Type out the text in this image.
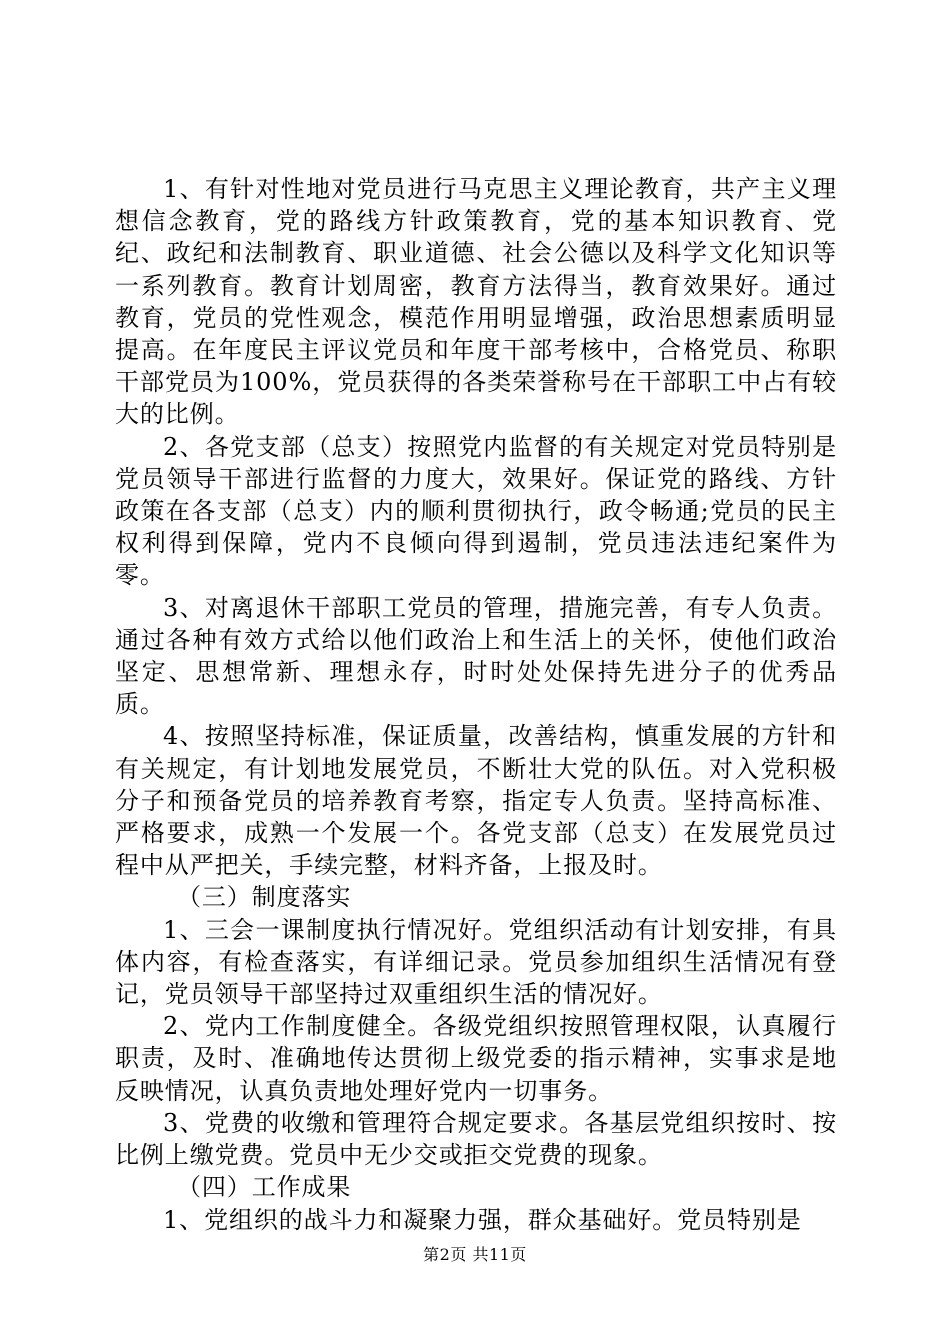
1、有针对性地对党员进行马克思主义理论教育，共产主义理想信念教育，党的路线方针政策教育，党的基本知识教育、党纪、政纪和法制教育、职业道德、社会公德以及科学文化知识等一系列教育。教育计划周密，教育方法得当，教育效果好。通过教育，党员的党性观念，模范作用明显增强，政治思想素质明显提高。在年度民主评议党员和年度干部考核中，合格党员、称职干部党员为100%，党员获得的各类荣誉称号在干部职工中占有较大的比例。

2、各党支部（总支）按照党内监督的有关规定对党员特别是党员领导干部进行监督的力度大，效果好。保证党的路线、方针政策在各支部（总支）内的顺利贯彻执行，政令畅通;党员的民主权利得到保障，党内不良倾向得到遏制，党员违法违纪案件为零。

3、对离退休干部职工党员的管理，措施完善，有专人负责。通过各种有效方式给以他们政治上和生活上的关怀，使他们政治坚定、思想常新、理想永存，时时处处保持先进分子的优秀品质。

4、按照坚持标准，保证质量，改善结构，慎重发展的方针和有关规定，有计划地发展党员，不断壮大党的队伍。对入党积极分子和预备党员的培养教育考察，指定专人负责。坚持高标准、严格要求，成熟一个发展一个。各党支部（总支）在发展党员过程中从严把关，手续完整，材料齐备，上报及时。

（三）制度落实

1、三会一课制度执行情况好。党组织活动有计划安排，有具体内容，有检查落实，有详细记录。党员参加组织生活情况有登记，党员领导干部坚持过双重组织生活的情况好。

2、党内工作制度健全。各级党组织按照管理权限，认真履行职责，及时、准确地传达贯彻上级党委的指示精神，实事求是地反映情况，认真负责地处理好党内一切事务。

3、党费的收缴和管理符合规定要求。各基层党组织按时、按比例上缴党费。党员中无少交或拒交党费的现象。

（四）工作成果

1、党组织的战斗力和凝聚力强，群众基础好。党员特别是

第2页 共11页
